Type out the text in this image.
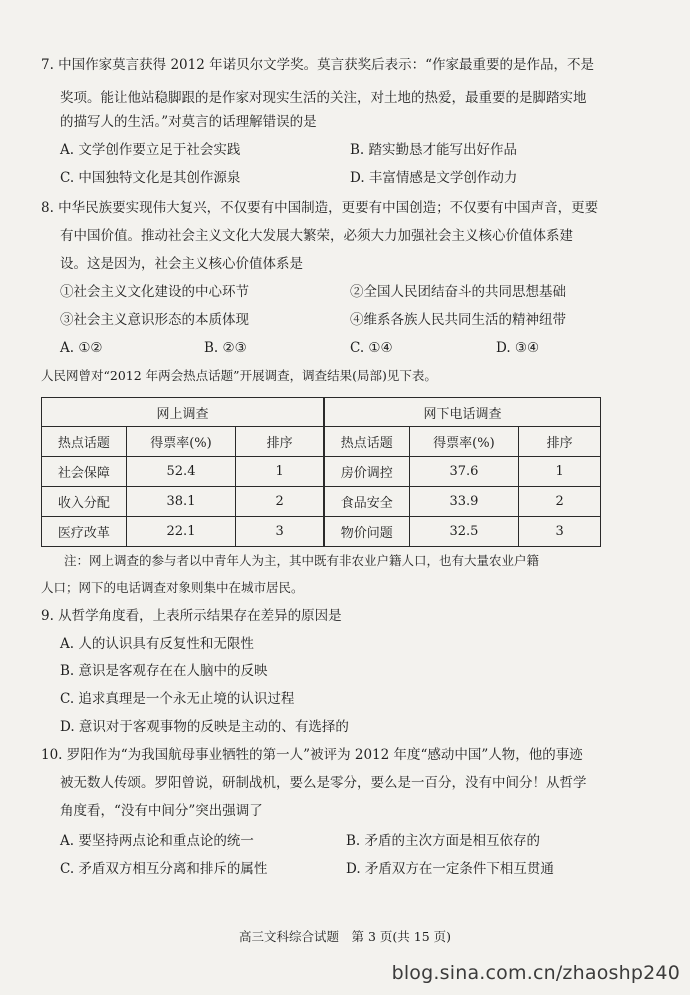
7. 中国作家莫言获得 2012 年诺贝尔文学奖。莫言获奖后表示：“作家最重要的是作品，不是
奖项。能让他站稳脚跟的是作家对现实生活的关注，对土地的热爱，最重要的是脚踏实地
的描写人的生活。”对莫言的话理解错误的是
A. 文学创作要立足于社会实践	B. 踏实勤恳才能写出好作品
C. 中国独特文化是其创作源泉	D. 丰富情感是文学创作动力
8. 中华民族要实现伟大复兴，不仅要有中国制造，更要有中国创造；不仅要有中国声音，更要
有中国价值。推动社会主义文化大发展大繁荣，必须大力加强社会主义核心价值体系建
设。这是因为，社会主义核心价值体系是
①社会主义文化建设的中心环节	②全国人民团结奋斗的共同思想基础
③社会主义意识形态的本质体现	④维系各族人民共同生活的精神纽带
A. ①②	B. ②③	C. ①④	D. ③④
人民网曾对“2012 年两会热点话题”开展调查，调查结果(局部)见下表。
网上调查			网下电话调查		
热点话题	得票率(%)	排序	热点话题	得票率(%)	排序
社会保障	52.4	1	房价调控	37.6	1
收入分配	38.1	2	食品安全	33.9	2
医疗改革	22.1	3	物价问题	32.5	3
注：网上调查的参与者以中青年人为主，其中既有非农业户籍人口，也有大量农业户籍
人口；网下的电话调查对象则集中在城市居民。
9. 从哲学角度看，上表所示结果存在差异的原因是
A. 人的认识具有反复性和无限性
B. 意识是客观存在在人脑中的反映
C. 追求真理是一个永无止境的认识过程
D. 意识对于客观事物的反映是主动的、有选择的
10. 罗阳作为“为我国航母事业牺牲的第一人”被评为 2012 年度“感动中国”人物，他的事迹
被无数人传颂。罗阳曾说，研制战机，要么是零分，要么是一百分，没有中间分！从哲学
角度看，“没有中间分”突出强调了
A. 要坚持两点论和重点论的统一	B. 矛盾的主次方面是相互依存的
C. 矛盾双方相互分离和排斥的属性	D. 矛盾双方在一定条件下相互贯通
高三文科综合试题　第 3 页(共 15 页)
blog.sina.com.cn/zhaoshp240
